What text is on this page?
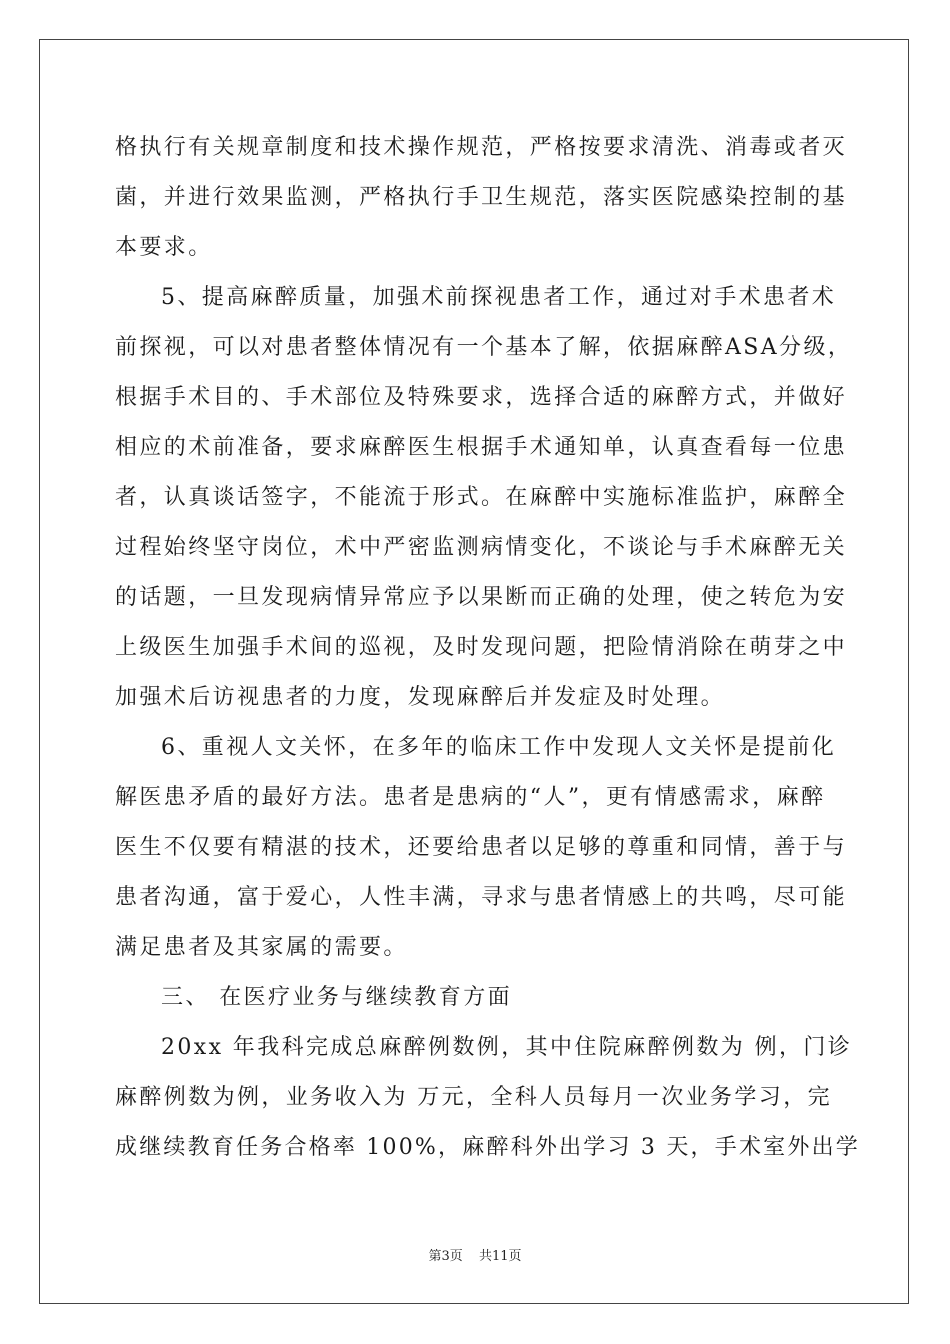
格执行有关规章制度和技术操作规范，严格按要求清洗、消毒或者灭
菌，并进行效果监测，严格执行手卫生规范，落实医院感染控制的基
本要求。
5、提高麻醉质量，加强术前探视患者工作，通过对手术患者术
前探视，可以对患者整体情况有一个基本了解，依据麻醉ASA分级，
根据手术目的、手术部位及特殊要求，选择合适的麻醉方式，并做好
相应的术前准备，要求麻醉医生根据手术通知单，认真查看每一位患
者，认真谈话签字，不能流于形式。在麻醉中实施标准监护，麻醉全
过程始终坚守岗位，术中严密监测病情变化，不谈论与手术麻醉无关
的话题，一旦发现病情异常应予以果断而正确的处理，使之转危为安
上级医生加强手术间的巡视，及时发现问题，把险情消除在萌芽之中
加强术后访视患者的力度，发现麻醉后并发症及时处理。
6、重视人文关怀，在多年的临床工作中发现人文关怀是提前化
解医患矛盾的最好方法。患者是患病的“人”，更有情感需求，麻醉
医生不仅要有精湛的技术，还要给患者以足够的尊重和同情，善于与
患者沟通，富于爱心，人性丰满，寻求与患者情感上的共鸣，尽可能
满足患者及其家属的需要。
三、 在医疗业务与继续教育方面
20xx 年我科完成总麻醉例数例，其中住院麻醉例数为 例，门诊
麻醉例数为例，业务收入为 万元，全科人员每月一次业务学习，完
成继续教育任务合格率 100%，麻醉科外出学习 3 天，手术室外出学
第3页 共11页
